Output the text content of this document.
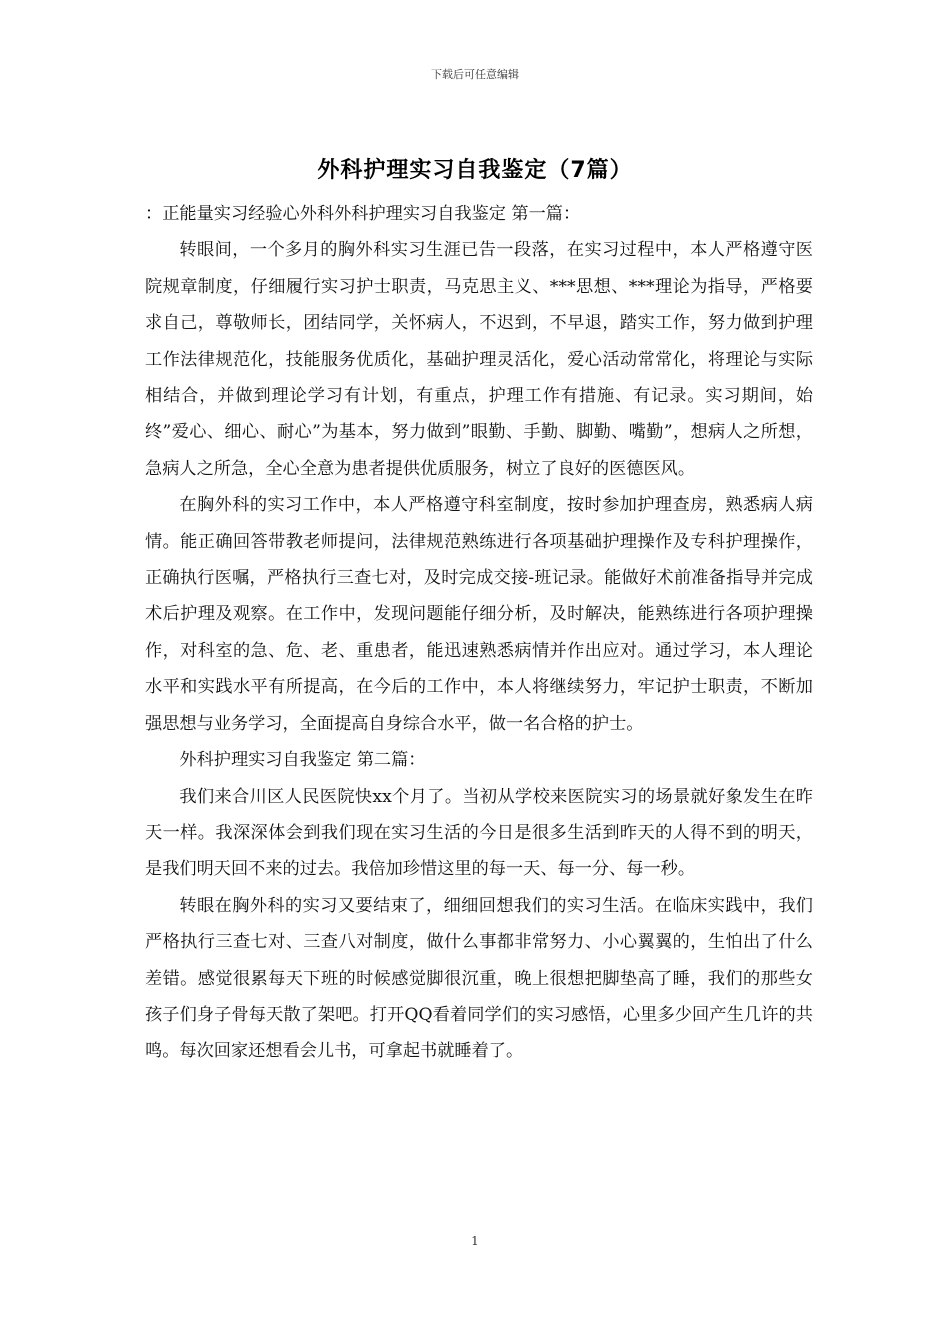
下载后可任意编辑
外科护理实习自我鉴定（7篇）

：正能量实习经验心外科外科护理实习自我鉴定 第一篇：

转眼间，一个多月的胸外科实习生涯已告一段落，在实习过程中，本人严格遵守医院规章制度，仔细履行实习护士职责，马克思主义、***思想、***理论为指导，严格要求自己，尊敬师长，团结同学，关怀病人，不迟到，不早退，踏实工作，努力做到护理工作法律规范化，技能服务优质化，基础护理灵活化，爱心活动常常化，将理论与实际相结合，并做到理论学习有计划，有重点，护理工作有措施、有记录。实习期间，始终”爱心、细心、耐心”为基本，努力做到”眼勤、手勤、脚勤、嘴勤”，想病人之所想，急病人之所急，全心全意为患者提供优质服务，树立了良好的医德医风。

在胸外科的实习工作中，本人严格遵守科室制度，按时参加护理查房，熟悉病人病情。能正确回答带教老师提问，法律规范熟练进行各项基础护理操作及专科护理操作，正确执行医嘱，严格执行三查七对，及时完成交接-班记录。能做好术前准备指导并完成术后护理及观察。在工作中，发现问题能仔细分析，及时解决，能熟练进行各项护理操作，对科室的急、危、老、重患者，能迅速熟悉病情并作出应对。通过学习，本人理论水平和实践水平有所提高，在今后的工作中，本人将继续努力，牢记护士职责，不断加强思想与业务学习，全面提高自身综合水平，做一名合格的护士。

外科护理实习自我鉴定 第二篇：

我们来合川区人民医院快xx个月了。当初从学校来医院实习的场景就好象发生在昨天一样。我深深体会到我们现在实习生活的今日是很多生活到昨天的人得不到的明天，是我们明天回不来的过去。我倍加珍惜这里的每一天、每一分、每一秒。

转眼在胸外科的实习又要结束了，细细回想我们的实习生活。在临床实践中，我们严格执行三查七对、三查八对制度，做什么事都非常努力、小心翼翼的，生怕出了什么差错。感觉很累每天下班的时候感觉脚很沉重，晚上很想把脚垫高了睡，我们的那些女孩子们身子骨每天散了架吧。打开QQ看着同学们的实习感悟，心里多少回产生几许的共鸣。每次回家还想看会儿书，可拿起书就睡着了。

1
